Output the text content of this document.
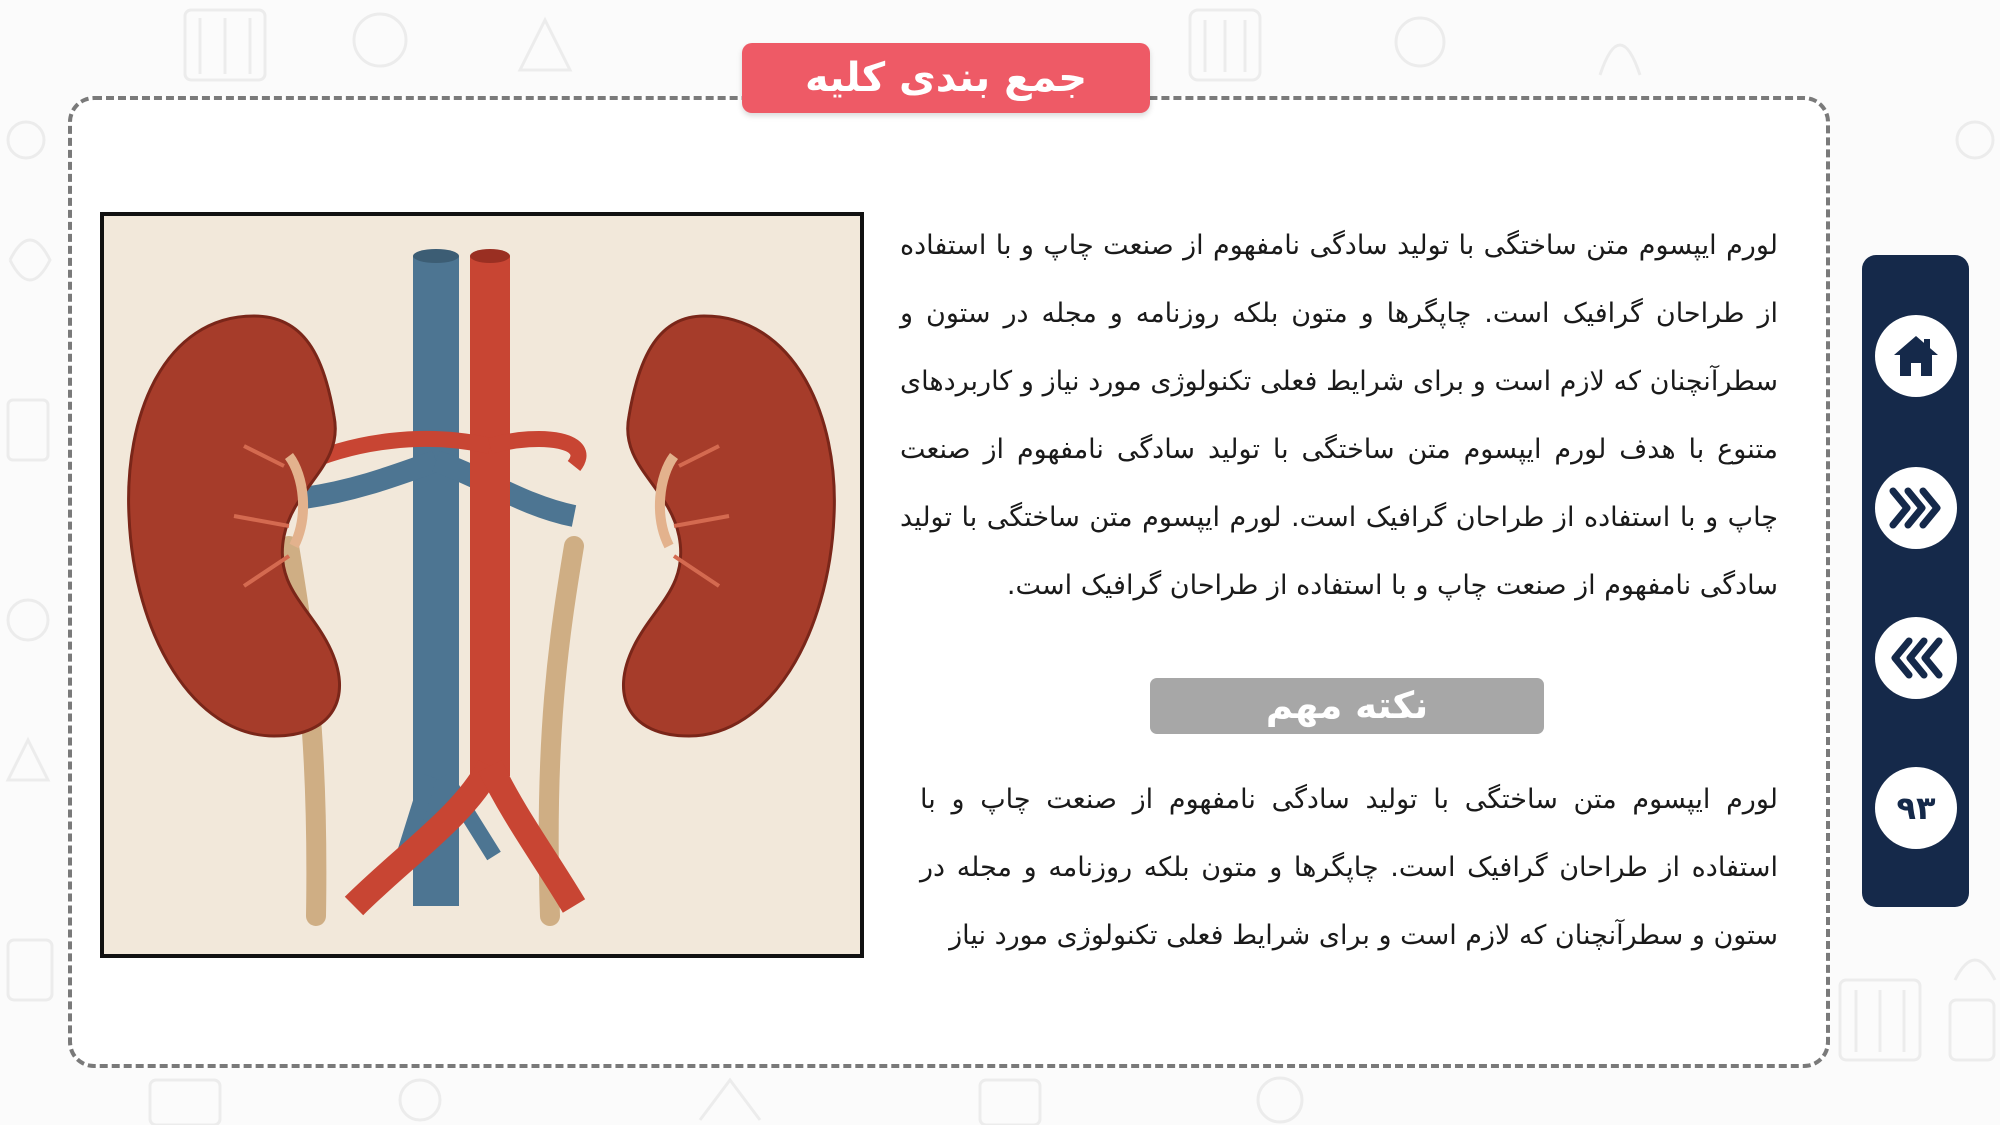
جمع بندی کلیه
لورم ایپسوم متن ساختگی با تولید سادگی نامفهوم از صنعت چاپ و با استفاده از طراحان گرافیک است. چاپگرها و متون بلکه روزنامه و مجله در ستون و سطرآنچنان که لازم است و برای شرایط فعلی تکنولوژی مورد نیاز و کاربردهای متنوع با هدف لورم ایپسوم متن ساختگی با تولید سادگی نامفهوم از صنعت چاپ و با استفاده از طراحان گرافیک است. لورم ایپسوم متن ساختگی با تولید سادگی نامفهوم از صنعت چاپ و با استفاده از طراحان گرافیک است.
نکته مهم
لورم ایپسوم متن ساختگی با تولید سادگی نامفهوم از صنعت چاپ و با استفاده از طراحان گرافیک است. چاپگرها و متون بلکه روزنامه و مجله در ستون و سطرآنچنان که لازم است و برای شرایط فعلی تکنولوژی مورد نیاز
۹۳
